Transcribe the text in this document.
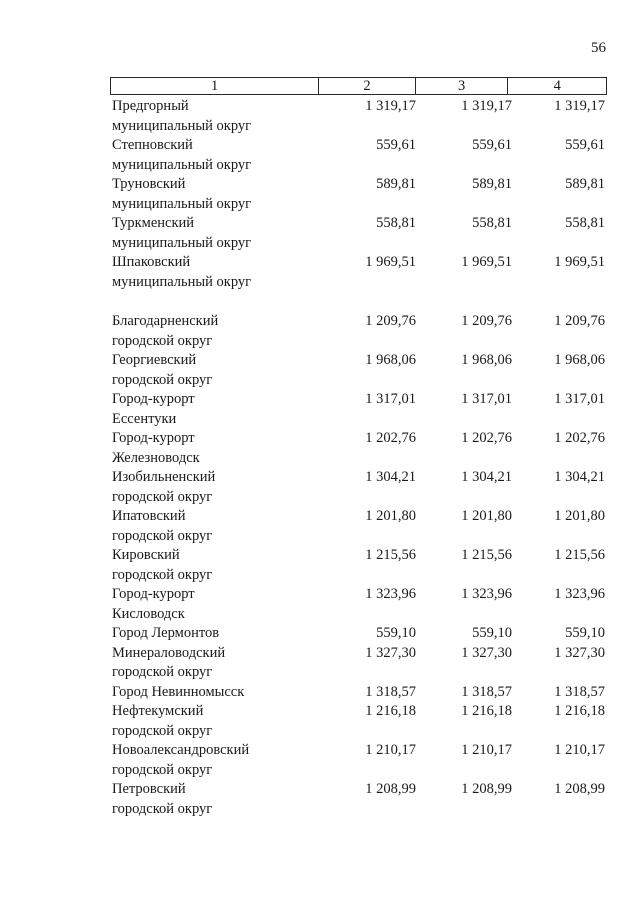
56
1	2	3	4
Предгорный	1 319,17	1 319,17	1 319,17
муниципальный округ
Степновский	559,61	559,61	559,61
муниципальный округ
Труновский	589,81	589,81	589,81
муниципальный округ
Туркменский	558,81	558,81	558,81
муниципальный округ
Шпаковский	1 969,51	1 969,51	1 969,51
муниципальный округ
Благодарненский	1 209,76	1 209,76	1 209,76
городской округ
Георгиевский	1 968,06	1 968,06	1 968,06
городской округ
Город-курорт	1 317,01	1 317,01	1 317,01
Ессентуки
Город-курорт	1 202,76	1 202,76	1 202,76
Железноводск
Изобильненский	1 304,21	1 304,21	1 304,21
городской округ
Ипатовский	1 201,80	1 201,80	1 201,80
городской округ
Кировский	1 215,56	1 215,56	1 215,56
городской округ
Город-курорт	1 323,96	1 323,96	1 323,96
Кисловодск
Город Лермонтов	559,10	559,10	559,10
Минераловодский	1 327,30	1 327,30	1 327,30
городской округ
Город Невинномысск	1 318,57	1 318,57	1 318,57
Нефтекумский	1 216,18	1 216,18	1 216,18
городской округ
Новоалександровский	1 210,17	1 210,17	1 210,17
городской округ
Петровский	1 208,99	1 208,99	1 208,99
городской округ
